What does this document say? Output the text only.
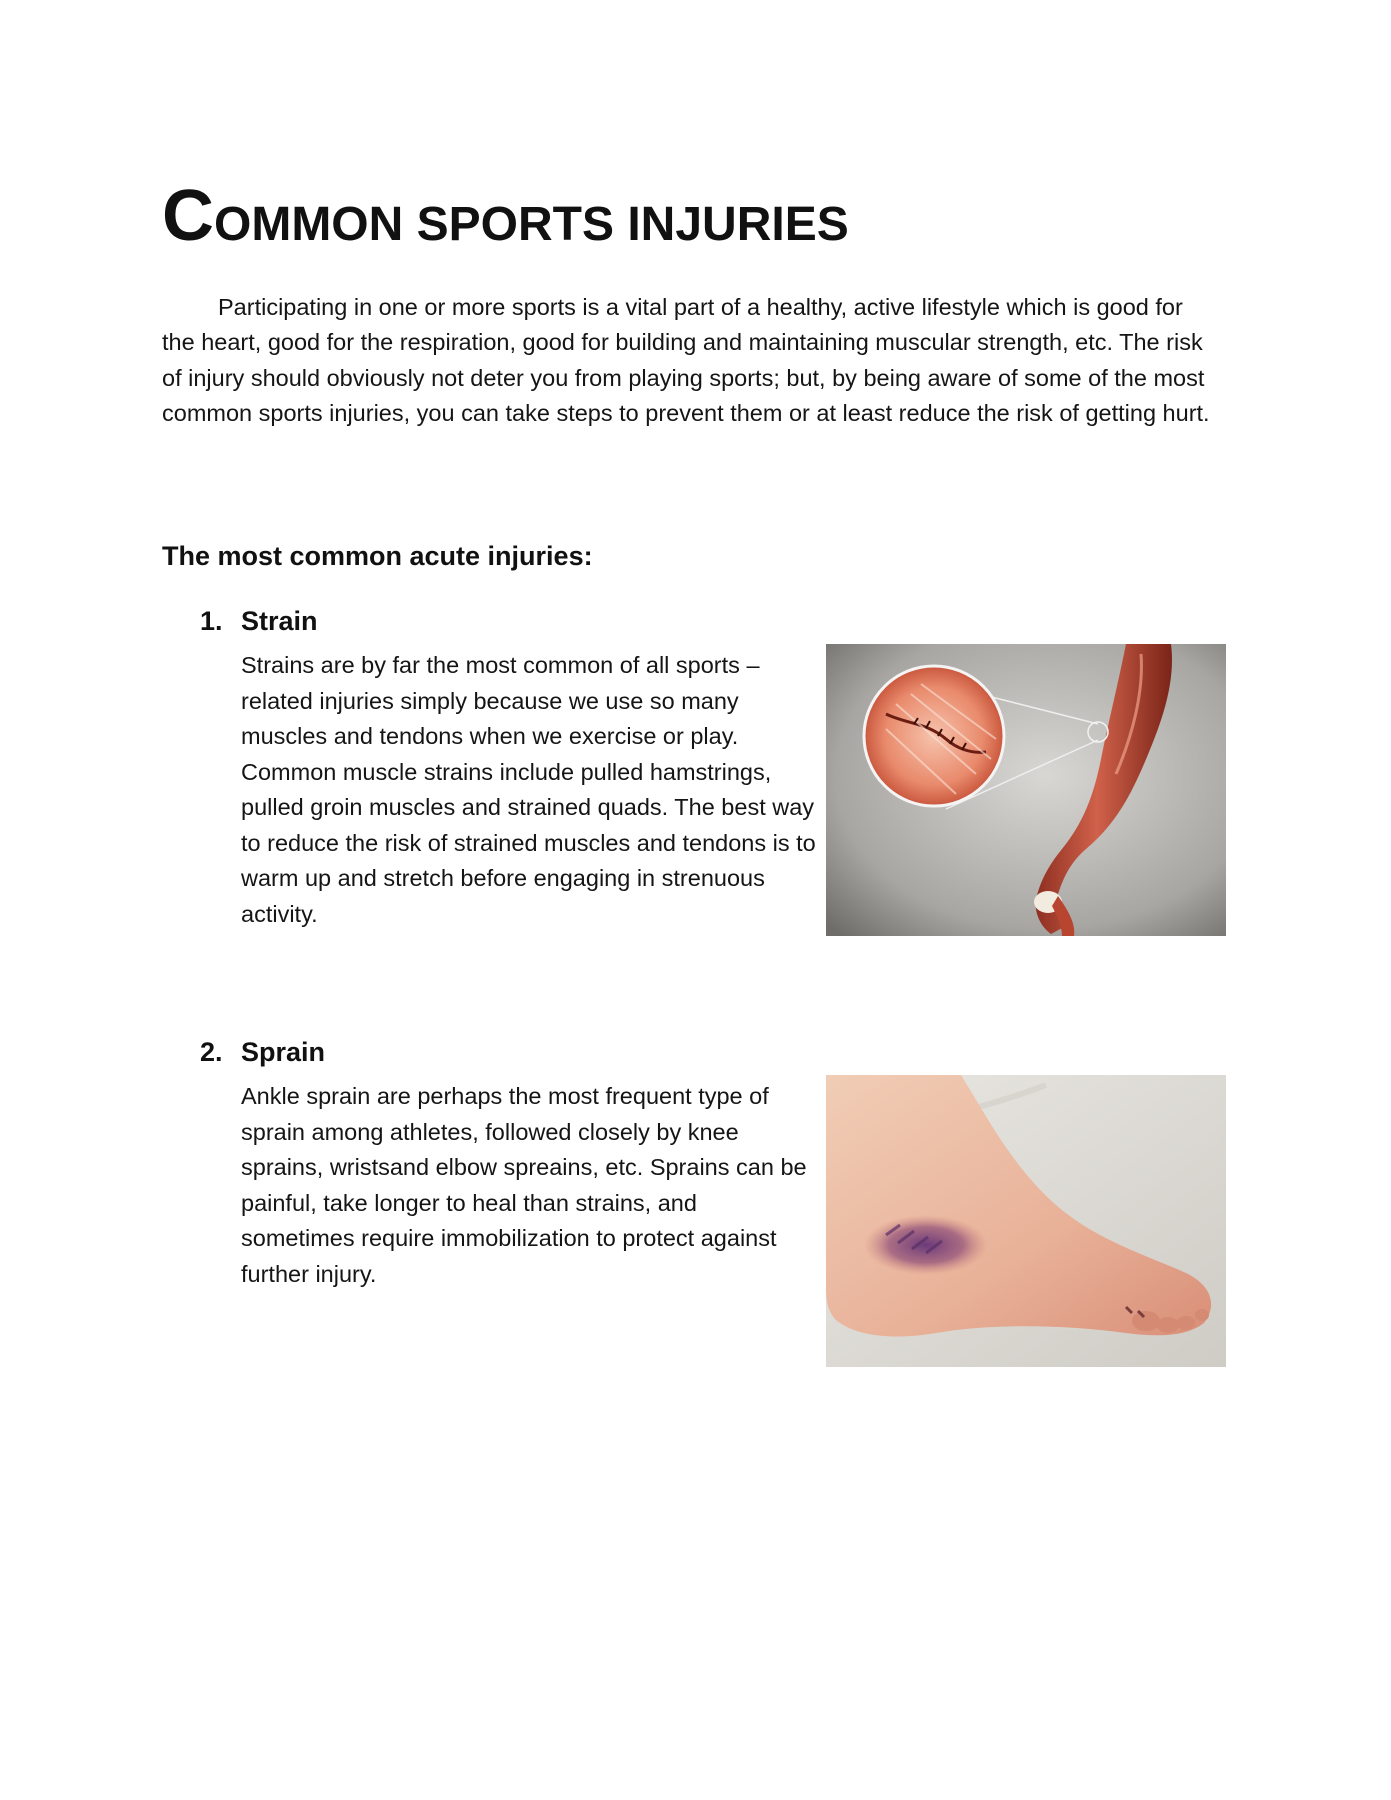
COMMON SPORTS INJURIES

Participating in one or more sports is a vital part of a healthy, active lifestyle which is good for the heart, good for the respiration, good for building and maintaining muscular strength, etc. The risk of injury should obviously not deter you from playing sports; but, by being aware of some of the most common sports injuries, you can take steps to prevent them or at least reduce the risk of getting hurt.

The most common acute injuries:
1. Strain

Strains are by far the most common of all sports – related injuries simply because we use so many muscles and tendons when we exercise or play. Common muscle strains include pulled hamstrings, pulled groin muscles and strained quads. The best way to reduce the risk of strained muscles and tendons is to warm up and stretch before engaging in strenuous activity.

2. Sprain

Ankle sprain are perhaps the most frequent type of sprain among athletes, followed closely by knee sprains, wristsand elbow spreains, etc. Sprains can be painful, take longer to heal than strains, and sometimes require immobilization to protect against further injury.
